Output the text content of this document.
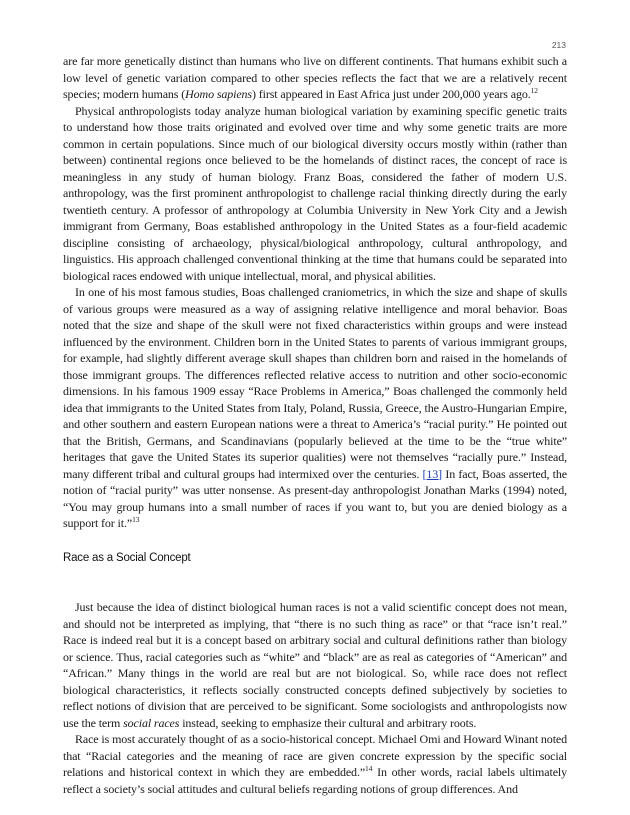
213

are far more genetically distinct than humans who live on different continents. That humans exhibit such a low level of genetic variation compared to other species reflects the fact that we are a relatively recent species; modern humans (Homo sapiens) first appeared in East Africa just under 200,000 years ago.$^{12}$

Physical anthropologists today analyze human biological variation by examining specific genetic traits to understand how those traits originated and evolved over time and why some genetic traits are more common in certain populations. Since much of our biological diversity occurs mostly within (rather than between) continental regions once believed to be the homelands of distinct races, the concept of race is meaningless in any study of human biology. Franz Boas, considered the father of modern U.S. anthropology, was the first prominent anthropologist to challenge racial thinking directly during the early twentieth century. A professor of anthropology at Columbia University in New York City and a Jewish immigrant from Germany, Boas established anthropology in the United States as a four-field academic discipline consisting of archaeology, physical/biological anthropology, cultural anthropology, and linguistics. His approach challenged conventional thinking at the time that humans could be separated into biological races endowed with unique intellectual, moral, and physical abilities.

In one of his most famous studies, Boas challenged craniometrics, in which the size and shape of skulls of various groups were measured as a way of assigning relative intelligence and moral behavior. Boas noted that the size and shape of the skull were not fixed characteristics within groups and were instead influenced by the environment. Children born in the United States to parents of various immigrant groups, for example, had slightly different average skull shapes than children born and raised in the homelands of those immigrant groups. The differences reflected relative access to nutrition and other socio-economic dimensions. In his famous 1909 essay “Race Problems in America,” Boas challenged the commonly held idea that immigrants to the United States from Italy, Poland, Russia, Greece, the Austro-Hungarian Empire, and other southern and eastern European nations were a threat to America’s “racial purity.” He pointed out that the British, Germans, and Scandinavians (popularly believed at the time to be the “true white” heritages that gave the United States its superior qualities) were not themselves “racially pure.” Instead, many different tribal and cultural groups had intermixed over the centuries. [13] In fact, Boas asserted, the notion of “racial purity” was utter nonsense. As present-day anthropologist Jonathan Marks (1994) noted, “You may group humans into a small number of races if you want to, but you are denied biology as a support for it.”$^{13}$

Race as a Social Concept

Just because the idea of distinct biological human races is not a valid scientific concept does not mean, and should not be interpreted as implying, that “there is no such thing as race” or that “race isn’t real.” Race is indeed real but it is a concept based on arbitrary social and cultural definitions rather than biology or science. Thus, racial categories such as “white” and “black” are as real as categories of “American” and “African.” Many things in the world are real but are not biological. So, while race does not reflect biological characteristics, it reflects socially constructed concepts defined subjectively by societies to reflect notions of division that are perceived to be significant. Some sociologists and anthropologists now use the term social races instead, seeking to emphasize their cultural and arbitrary roots.

Race is most accurately thought of as a socio-historical concept. Michael Omi and Howard Winant noted that “Racial categories and the meaning of race are given concrete expression by the specific social relations and historical context in which they are embedded.”$^{14}$ In other words, racial labels ultimately reflect a society’s social attitudes and cultural beliefs regarding notions of group differences. And
